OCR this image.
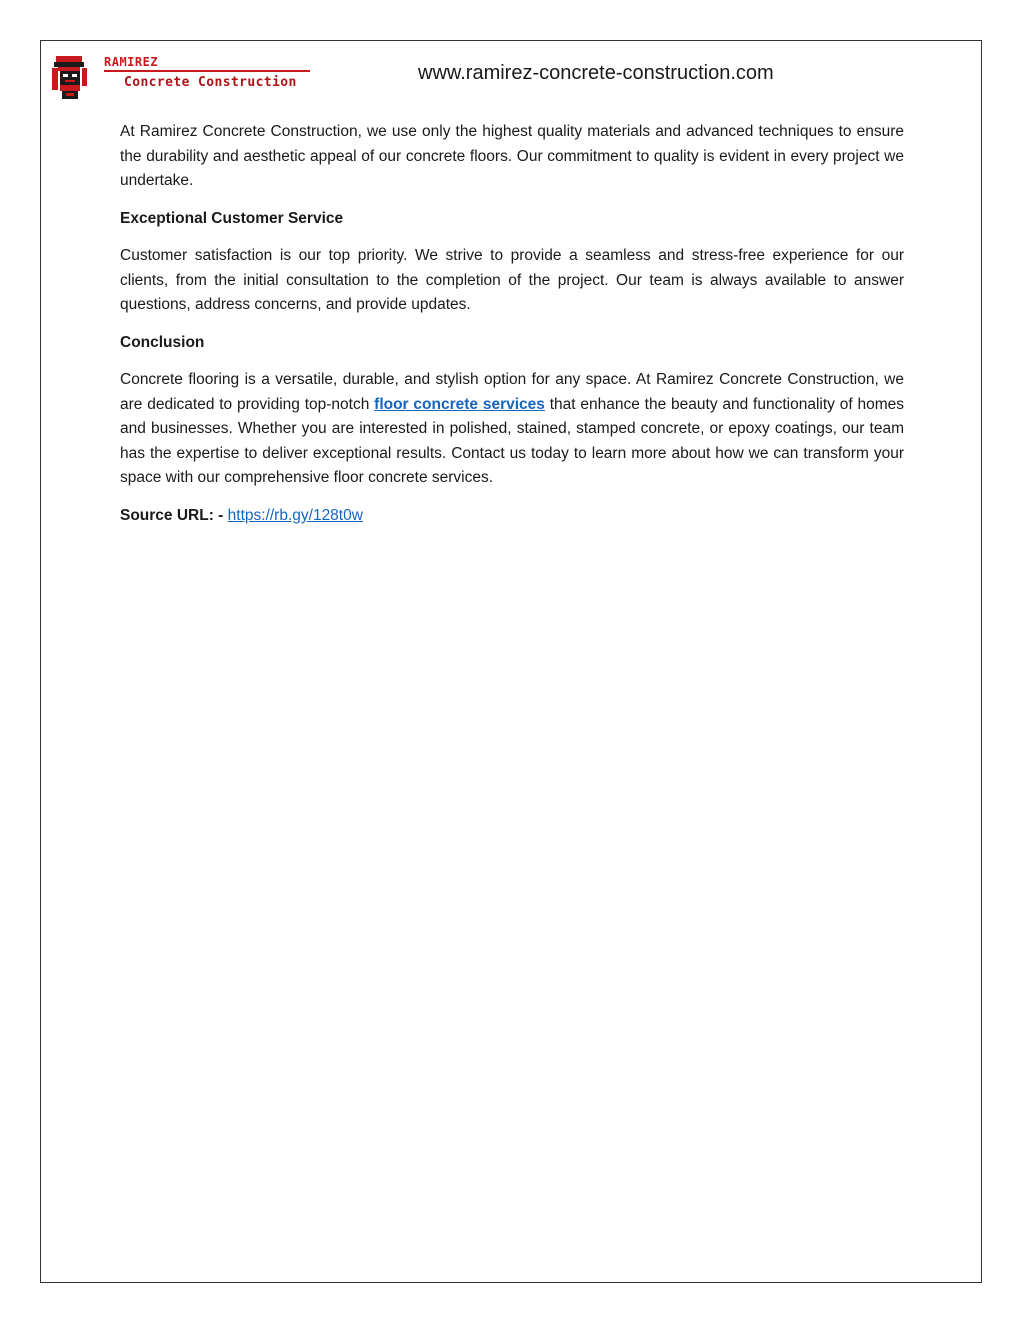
RAMIREZ
Concrete Construction	www.ramirez-concrete-construction.com

At Ramirez Concrete Construction, we use only the highest quality materials and advanced techniques to ensure the durability and aesthetic appeal of our concrete floors. Our commitment to quality is evident in every project we undertake.

Exceptional Customer Service

Customer satisfaction is our top priority. We strive to provide a seamless and stress-free experience for our clients, from the initial consultation to the completion of the project. Our team is always available to answer questions, address concerns, and provide updates.

Conclusion

Concrete flooring is a versatile, durable, and stylish option for any space. At Ramirez Concrete Construction, we are dedicated to providing top-notch floor concrete services that enhance the beauty and functionality of homes and businesses. Whether you are interested in polished, stained, stamped concrete, or epoxy coatings, our team has the expertise to deliver exceptional results. Contact us today to learn more about how we can transform your space with our comprehensive floor concrete services.

Source URL: - https://rb.gy/128t0w
